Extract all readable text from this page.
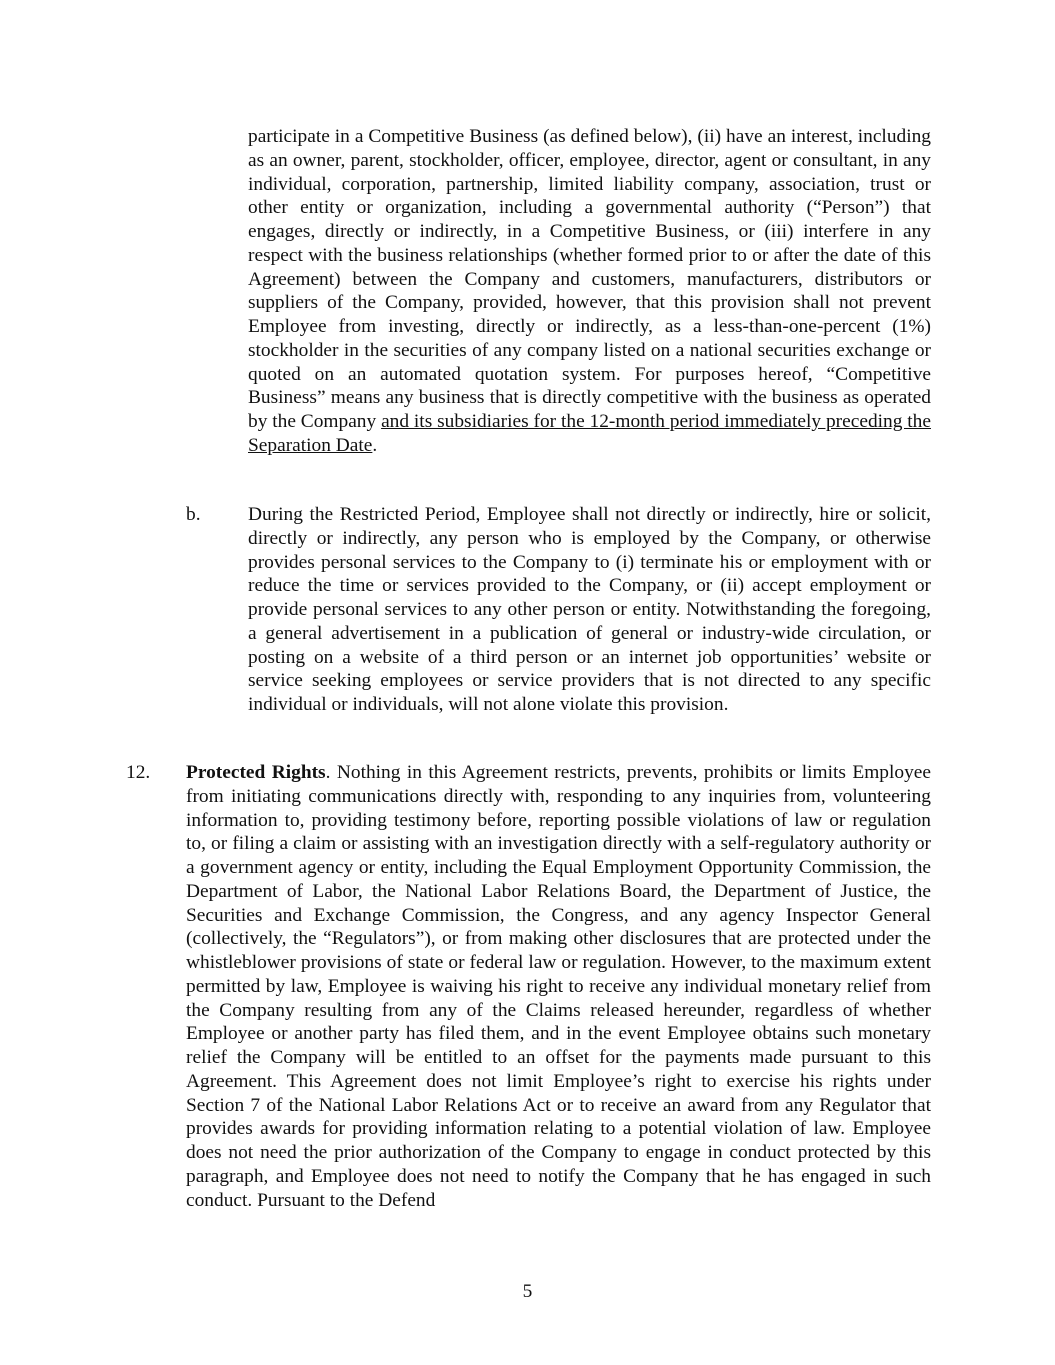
participate in a Competitive Business (as defined below), (ii) have an interest, including as an owner, parent, stockholder, officer, employee, director, agent or consultant, in any individual, corporation, partnership, limited liability company, association, trust or other entity or organization, including a governmental authority (“Person”) that engages, directly or indirectly, in a Competitive Business, or (iii) interfere in any respect with the business relationships (whether formed prior to or after the date of this Agreement) between the Company and customers, manufacturers, distributors or suppliers of the Company, provided, however, that this provision shall not prevent Employee from investing, directly or indirectly, as a less-than-one-percent (1%) stockholder in the securities of any company listed on a national securities exchange or quoted on an automated quotation system. For purposes hereof, “Competitive Business” means any business that is directly competitive with the business as operated by the Company and its subsidiaries for the 12-month period immediately preceding the Separation Date.

b. During the Restricted Period, Employee shall not directly or indirectly, hire or solicit, directly or indirectly, any person who is employed by the Company, or otherwise provides personal services to the Company to (i) terminate his or employment with or reduce the time or services provided to the Company, or (ii) accept employment or provide personal services to any other person or entity. Notwithstanding the foregoing, a general advertisement in a publication of general or industry-wide circulation, or posting on a website of a third person or an internet job opportunities’ website or service seeking employees or service providers that is not directed to any specific individual or individuals, will not alone violate this provision.

12. Protected Rights. Nothing in this Agreement restricts, prevents, prohibits or limits Employee from initiating communications directly with, responding to any inquiries from, volunteering information to, providing testimony before, reporting possible violations of law or regulation to, or filing a claim or assisting with an investigation directly with a self-regulatory authority or a government agency or entity, including the Equal Employment Opportunity Commission, the Department of Labor, the National Labor Relations Board, the Department of Justice, the Securities and Exchange Commission, the Congress, and any agency Inspector General (collectively, the “Regulators”), or from making other disclosures that are protected under the whistleblower provisions of state or federal law or regulation. However, to the maximum extent permitted by law, Employee is waiving his right to receive any individual monetary relief from the Company resulting from any of the Claims released hereunder, regardless of whether Employee or another party has filed them, and in the event Employee obtains such monetary relief the Company will be entitled to an offset for the payments made pursuant to this Agreement. This Agreement does not limit Employee’s right to exercise his rights under Section 7 of the National Labor Relations Act or to receive an award from any Regulator that provides awards for providing information relating to a potential violation of law. Employee does not need the prior authorization of the Company to engage in conduct protected by this paragraph, and Employee does not need to notify the Company that he has engaged in such conduct. Pursuant to the Defend

5
